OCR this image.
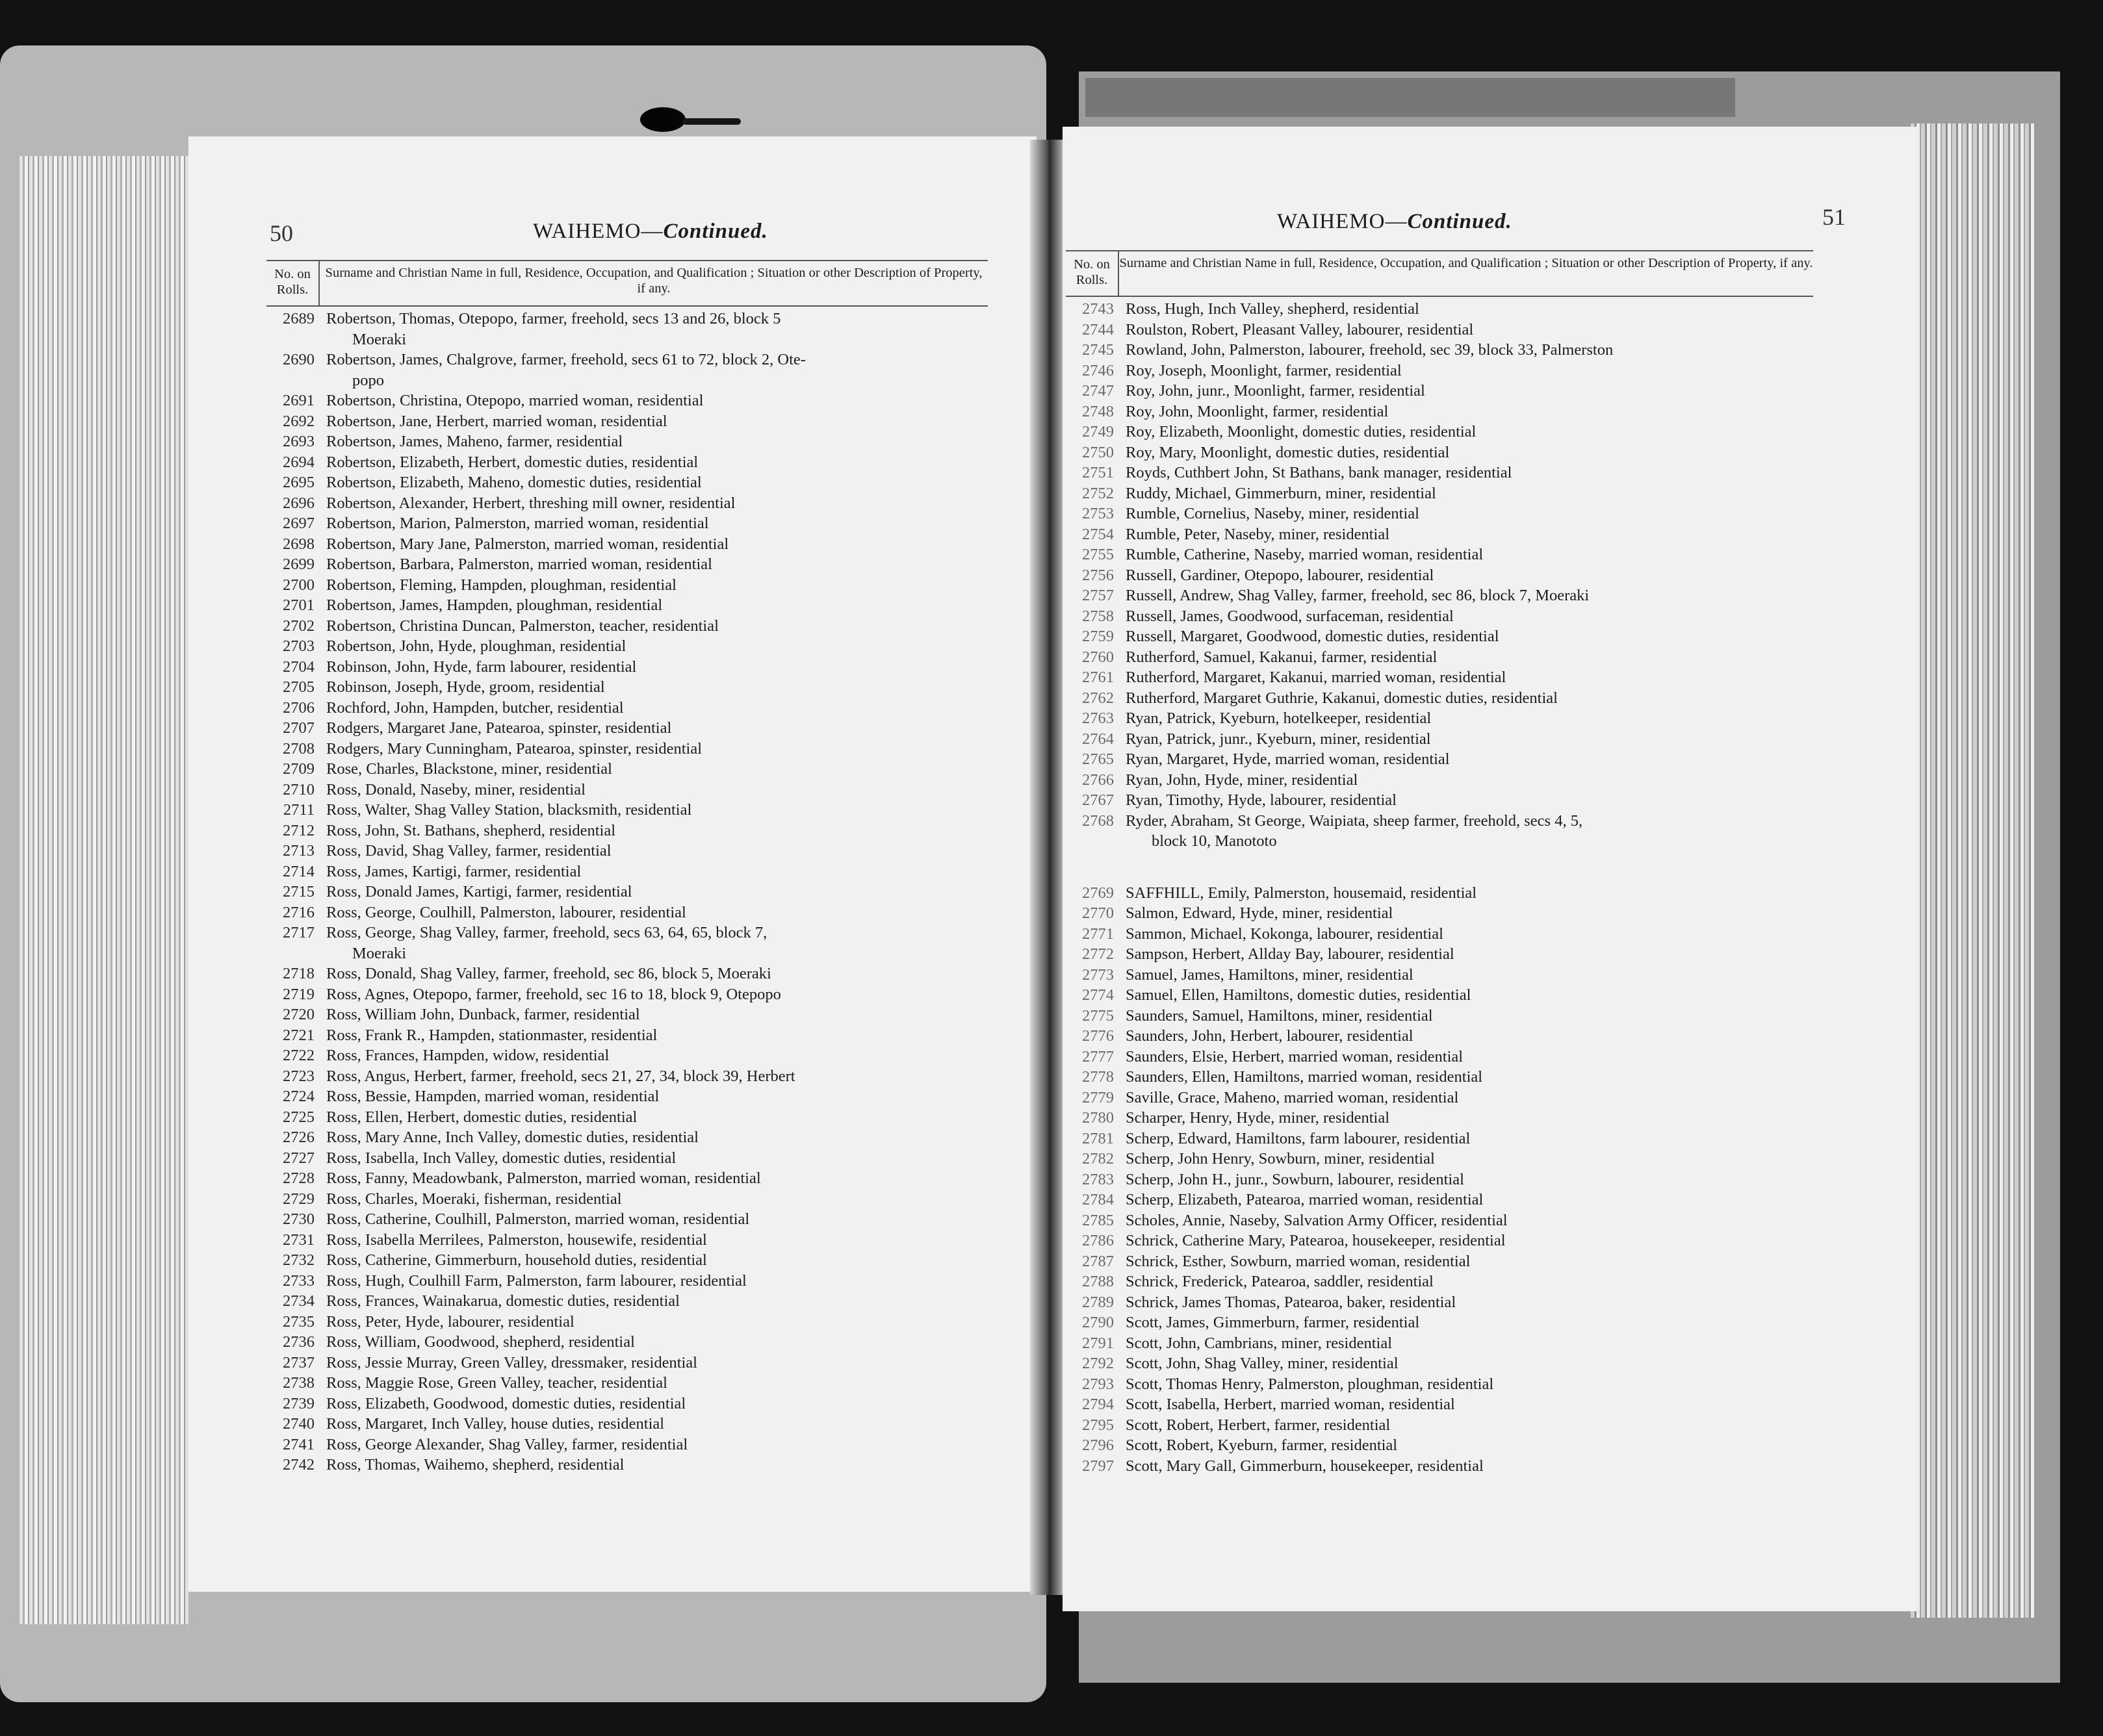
50	WAIHEMO—Continued.
No. on Rolls.
Surname and Christian Name in full, Residence, Occupation, and Qualification ; Situation or other Description of Property, if any.
2689 Robertson, Thomas, Otepopo, farmer, freehold, secs 13 and 26, block 5
Moeraki
2690 Robertson, James, Chalgrove, farmer, freehold, secs 61 to 72, block 2, Ote-
popo
2691 Robertson, Christina, Otepopo, married woman, residential
2692 Robertson, Jane, Herbert, married woman, residential
2693 Robertson, James, Maheno, farmer, residential
2694 Robertson, Elizabeth, Herbert, domestic duties, residential
2695 Robertson, Elizabeth, Maheno, domestic duties, residential
2696 Robertson, Alexander, Herbert, threshing mill owner, residential
2697 Robertson, Marion, Palmerston, married woman, residential
2698 Robertson, Mary Jane, Palmerston, married woman, residential
2699 Robertson, Barbara, Palmerston, married woman, residential
2700 Robertson, Fleming, Hampden, ploughman, residential
2701 Robertson, James, Hampden, ploughman, residential
2702 Robertson, Christina Duncan, Palmerston, teacher, residential
2703 Robertson, John, Hyde, ploughman, residential
2704 Robinson, John, Hyde, farm labourer, residential
2705 Robinson, Joseph, Hyde, groom, residential
2706 Rochford, John, Hampden, butcher, residential
2707 Rodgers, Margaret Jane, Patearoa, spinster, residential
2708 Rodgers, Mary Cunningham, Patearoa, spinster, residential
2709 Rose, Charles, Blackstone, miner, residential
2710 Ross, Donald, Naseby, miner, residential
2711 Ross, Walter, Shag Valley Station, blacksmith, residential
2712 Ross, John, St. Bathans, shepherd, residential
2713 Ross, David, Shag Valley, farmer, residential
2714 Ross, James, Kartigi, farmer, residential
2715 Ross, Donald James, Kartigi, farmer, residential
2716 Ross, George, Coulhill, Palmerston, labourer, residential
2717 Ross, George, Shag Valley, farmer, freehold, secs 63, 64, 65, block 7,
Moeraki
2718 Ross, Donald, Shag Valley, farmer, freehold, sec 86, block 5, Moeraki
2719 Ross, Agnes, Otepopo, farmer, freehold, sec 16 to 18, block 9, Otepopo
2720 Ross, William John, Dunback, farmer, residential
2721 Ross, Frank R., Hampden, stationmaster, residential
2722 Ross, Frances, Hampden, widow, residential
2723 Ross, Angus, Herbert, farmer, freehold, secs 21, 27, 34, block 39, Herbert
2724 Ross, Bessie, Hampden, married woman, residential
2725 Ross, Ellen, Herbert, domestic duties, residential
2726 Ross, Mary Anne, Inch Valley, domestic duties, residential
2727 Ross, Isabella, Inch Valley, domestic duties, residential
2728 Ross, Fanny, Meadowbank, Palmerston, married woman, residential
2729 Ross, Charles, Moeraki, fisherman, residential
2730 Ross, Catherine, Coulhill, Palmerston, married woman, residential
2731 Ross, Isabella Merrilees, Palmerston, housewife, residential
2732 Ross, Catherine, Gimmerburn, household duties, residential
2733 Ross, Hugh, Coulhill Farm, Palmerston, farm labourer, residential
2734 Ross, Frances, Wainakarua, domestic duties, residential
2735 Ross, Peter, Hyde, labourer, residential
2736 Ross, William, Goodwood, shepherd, residential
2737 Ross, Jessie Murray, Green Valley, dressmaker, residential
2738 Ross, Maggie Rose, Green Valley, teacher, residential
2739 Ross, Elizabeth, Goodwood, domestic duties, residential
2740 Ross, Margaret, Inch Valley, house duties, residential
2741 Ross, George Alexander, Shag Valley, farmer, residential
2742 Ross, Thomas, Waihemo, shepherd, residential
WAIHEMO—Continued.	51
No. on Rolls.
Surname and Christian Name in full, Residence, Occupation, and Qualification ; Situation or other Description of Property, if any.
2743 Ross, Hugh, Inch Valley, shepherd, residential
2744 Roulston, Robert, Pleasant Valley, labourer, residential
2745 Rowland, John, Palmerston, labourer, freehold, sec 39, block 33, Palmerston
2746 Roy, Joseph, Moonlight, farmer, residential
2747 Roy, John, junr., Moonlight, farmer, residential
2748 Roy, John, Moonlight, farmer, residential
2749 Roy, Elizabeth, Moonlight, domestic duties, residential
2750 Roy, Mary, Moonlight, domestic duties, residential
2751 Royds, Cuthbert John, St Bathans, bank manager, residential
2752 Ruddy, Michael, Gimmerburn, miner, residential
2753 Rumble, Cornelius, Naseby, miner, residential
2754 Rumble, Peter, Naseby, miner, residential
2755 Rumble, Catherine, Naseby, married woman, residential
2756 Russell, Gardiner, Otepopo, labourer, residential
2757 Russell, Andrew, Shag Valley, farmer, freehold, sec 86, block 7, Moeraki
2758 Russell, James, Goodwood, surfaceman, residential
2759 Russell, Margaret, Goodwood, domestic duties, residential
2760 Rutherford, Samuel, Kakanui, farmer, residential
2761 Rutherford, Margaret, Kakanui, married woman, residential
2762 Rutherford, Margaret Guthrie, Kakanui, domestic duties, residential
2763 Ryan, Patrick, Kyeburn, hotelkeeper, residential
2764 Ryan, Patrick, junr., Kyeburn, miner, residential
2765 Ryan, Margaret, Hyde, married woman, residential
2766 Ryan, John, Hyde, miner, residential
2767 Ryan, Timothy, Hyde, labourer, residential
2768 Ryder, Abraham, St George, Waipiata, sheep farmer, freehold, secs 4, 5,
block 10, Manototo
2769 SAFFHILL, Emily, Palmerston, housemaid, residential
2770 Salmon, Edward, Hyde, miner, residential
2771 Sammon, Michael, Kokonga, labourer, residential
2772 Sampson, Herbert, Allday Bay, labourer, residential
2773 Samuel, James, Hamiltons, miner, residential
2774 Samuel, Ellen, Hamiltons, domestic duties, residential
2775 Saunders, Samuel, Hamiltons, miner, residential
2776 Saunders, John, Herbert, labourer, residential
2777 Saunders, Elsie, Herbert, married woman, residential
2778 Saunders, Ellen, Hamiltons, married woman, residential
2779 Saville, Grace, Maheno, married woman, residential
2780 Scharper, Henry, Hyde, miner, residential
2781 Scherp, Edward, Hamiltons, farm labourer, residential
2782 Scherp, John Henry, Sowburn, miner, residential
2783 Scherp, John H., junr., Sowburn, labourer, residential
2784 Scherp, Elizabeth, Patearoa, married woman, residential
2785 Scholes, Annie, Naseby, Salvation Army Officer, residential
2786 Schrick, Catherine Mary, Patearoa, housekeeper, residential
2787 Schrick, Esther, Sowburn, married woman, residential
2788 Schrick, Frederick, Patearoa, saddler, residential
2789 Schrick, James Thomas, Patearoa, baker, residential
2790 Scott, James, Gimmerburn, farmer, residential
2791 Scott, John, Cambrians, miner, residential
2792 Scott, John, Shag Valley, miner, residential
2793 Scott, Thomas Henry, Palmerston, ploughman, residential
2794 Scott, Isabella, Herbert, married woman, residential
2795 Scott, Robert, Herbert, farmer, residential
2796 Scott, Robert, Kyeburn, farmer, residential
2797 Scott, Mary Gall, Gimmerburn, housekeeper, residential
